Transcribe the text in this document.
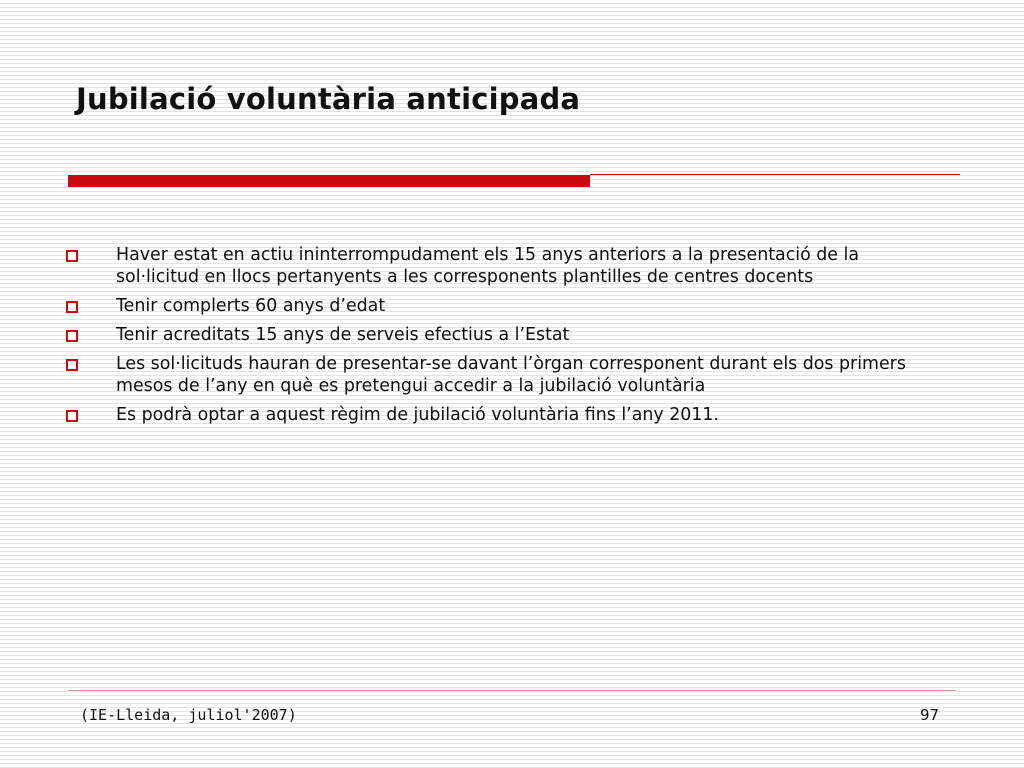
Jubilació voluntària anticipada
Haver estat en actiu ininterrompudament els 15 anys anteriors a la presentació de la sol·licitud en llocs pertanyents a les corresponents plantilles de centres docents
Tenir complerts 60 anys d’edat
Tenir acreditats 15 anys de serveis efectius a l’Estat
Les sol·licituds hauran de presentar-se davant l’òrgan corresponent durant els dos primers mesos de l’any en què es pretengui accedir a la jubilació voluntària
Es podrà optar a aquest règim de jubilació voluntària fins l’any 2011.
(IE-Lleida, juliol'2007)	97
